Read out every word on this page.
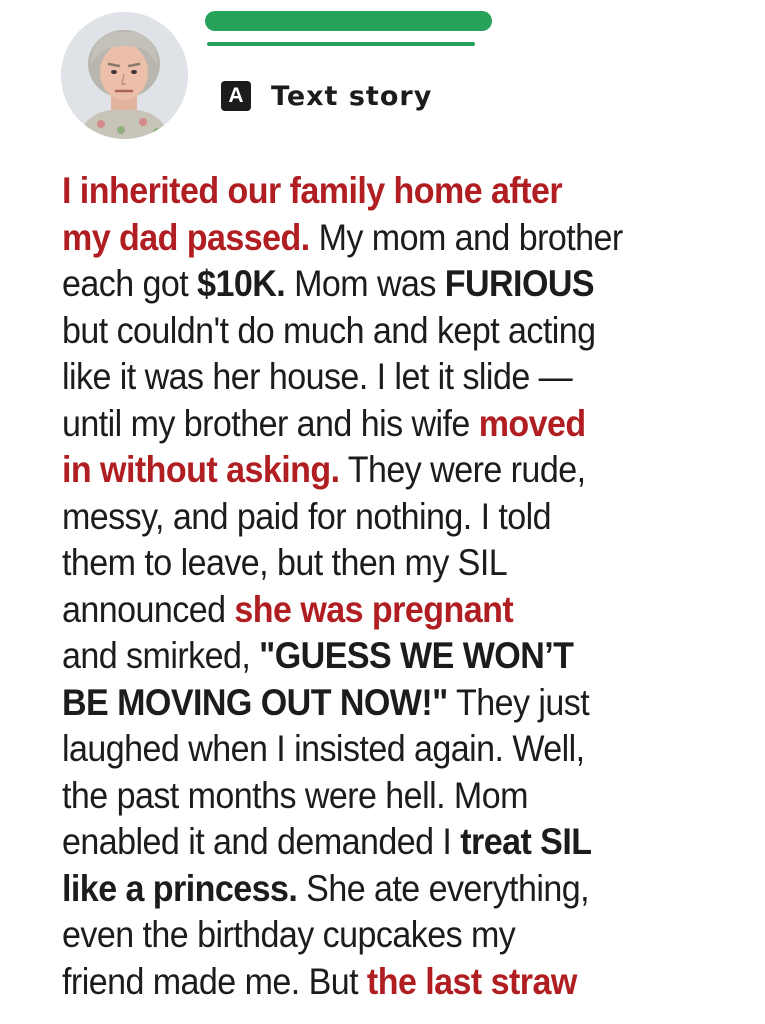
A Text story
I inherited our family home after
my dad passed. My mom and brother
each got $10K. Mom was FURIOUS
but couldn't do much and kept acting
like it was her house. I let it slide —
until my brother and his wife moved
in without asking. They were rude,
messy, and paid for nothing. I told
them to leave, but then my SIL
announced she was pregnant
and smirked, "GUESS WE WON’T
BE MOVING OUT NOW!" They just
laughed when I insisted again. Well,
the past months were hell. Mom
enabled it and demanded I treat SIL
like a princess. She ate everything,
even the birthday cupcakes my
friend made me. But the last straw
